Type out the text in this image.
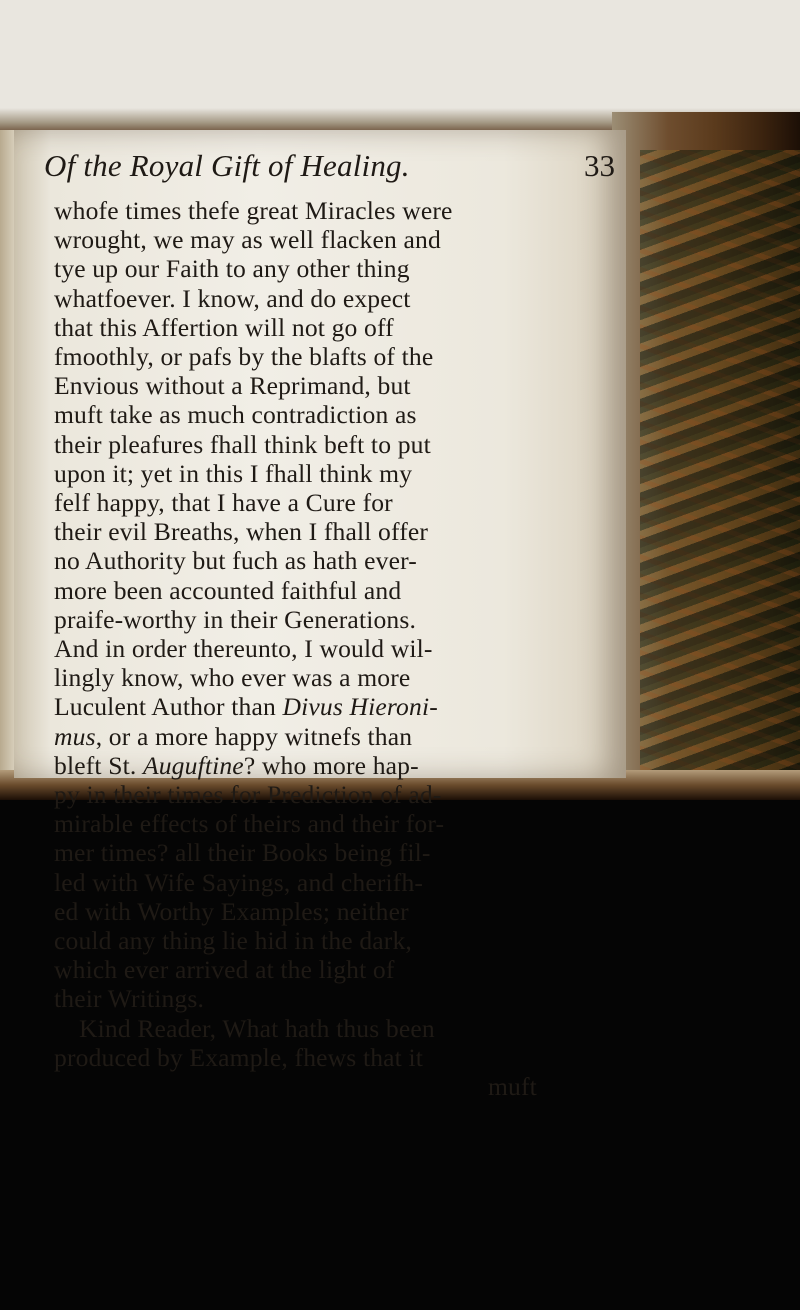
Of the Royal Gift of Healing.	33
whofe times thefe great Miracles were
wrought, we may as well flacken and
tye up our Faith to any other thing
whatfoever. I know, and do expect
that this Affertion will not go off
fmoothly, or pafs by the blafts of the
Envious without a Reprimand, but
muft take as much contradiction as
their pleafures fhall think beft to put
upon it; yet in this I fhall think my
felf happy, that I have a Cure for
their evil Breaths, when I fhall offer
no Authority but fuch as hath ever-
more been accounted faithful and
praife-worthy in their Generations.
And in order thereunto, I would wil-
lingly know, who ever was a more
Luculent Author than Divus Hieroni-
mus, or a more happy witnefs than
bleft St. Auguftine? who more hap-
py in their times for Prediction of ad-
mirable effects of theirs and their for-
mer times? all their Books being fil-
led with Wife Sayings, and cherifh-
ed with Worthy Examples; neither
could any thing lie hid in the dark,
which ever arrived at the light of
their Writings.
Kind Reader, What hath thus been
produced by Example, fhews that it
muft
